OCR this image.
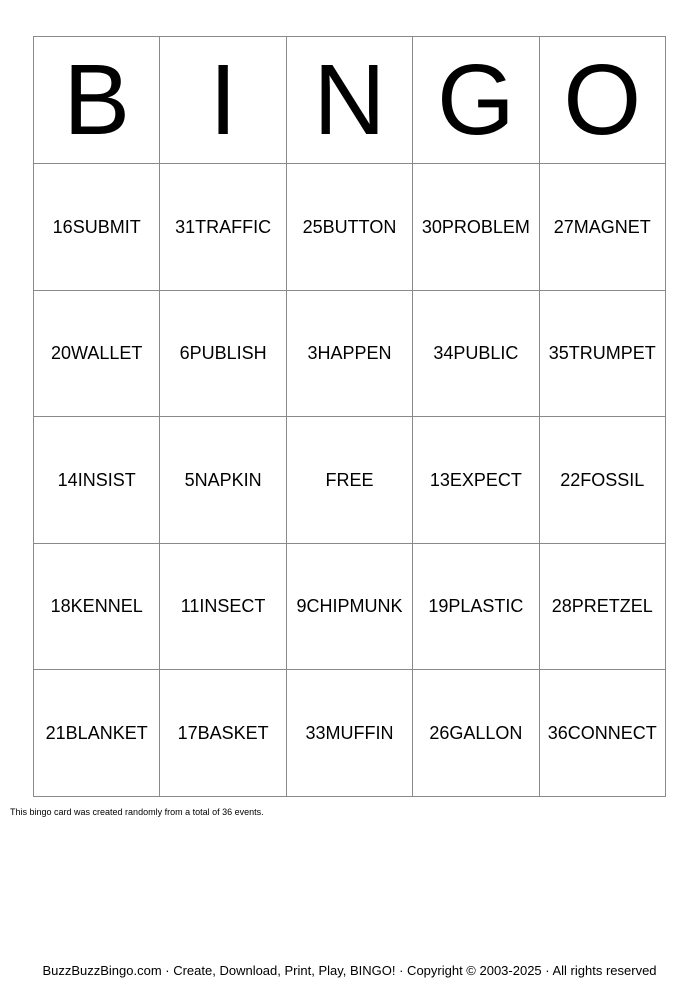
B	I	N	G	O
16SUBMIT	31TRAFFIC	25BUTTON	30PROBLEM	27MAGNET
20WALLET	6PUBLISH	3HAPPEN	34PUBLIC	35TRUMPET
14INSIST	5NAPKIN	FREE	13EXPECT	22FOSSIL
18KENNEL	11INSECT	9CHIPMUNK	19PLASTIC	28PRETZEL
21BLANKET	17BASKET	33MUFFIN	26GALLON	36CONNECT
This bingo card was created randomly from a total of 36 events.
BuzzBuzzBingo.com · Create, Download, Print, Play, BINGO! · Copyright © 2003-2025 · All rights reserved
